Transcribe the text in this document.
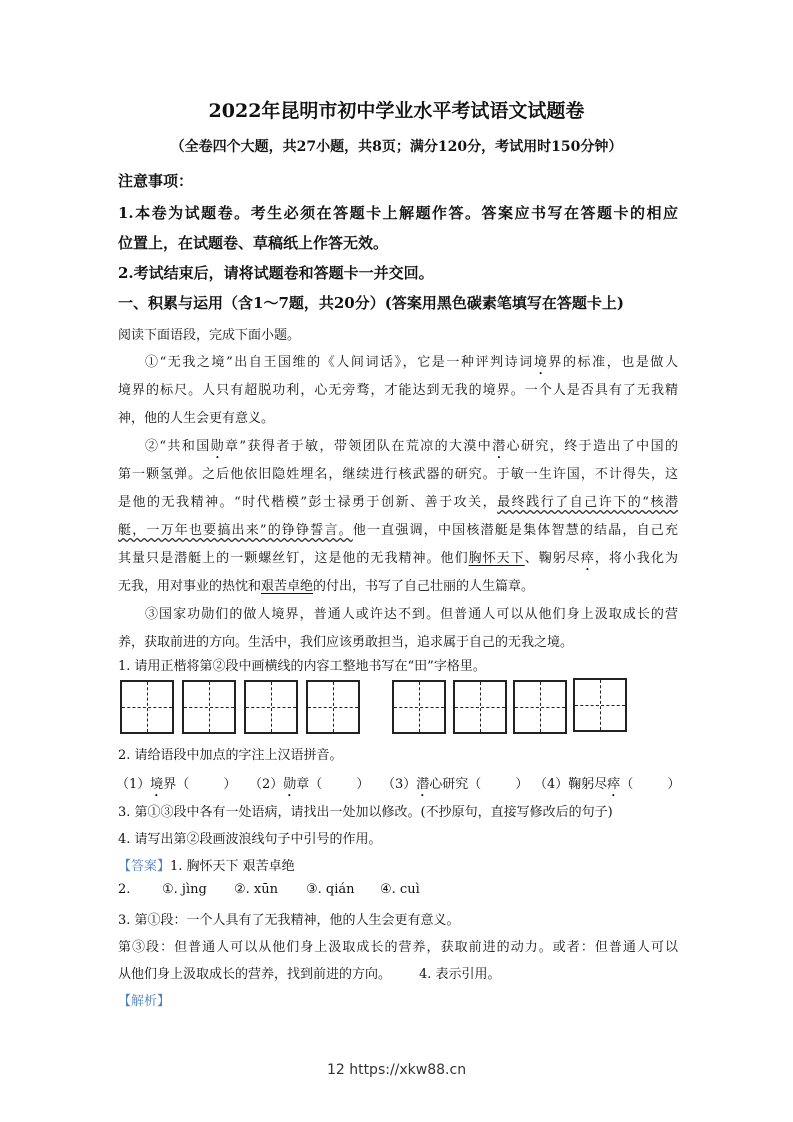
2022年昆明市初中学业水平考试语文试题卷
（全卷四个大题，共27小题，共8页；满分120分，考试用时150分钟）
注意事项：
1.本卷为试题卷。考生必须在答题卡上解题作答。答案应书写在答题卡的相应
位置上，在试题卷、草稿纸上作答无效。
2.考试结束后，请将试题卷和答题卡一并交回。
一、积累与运用（含1～7题，共20分）(答案用黑色碳素笔填写在答题卡上)
阅读下面语段，完成下面小题。
①“无我之境”出自王国维的《人间词话》，它是一种评判诗词境界的标准，也是做人
境界的标尺。人只有超脱功利，心无旁骛，才能达到无我的境界。一个人是否具有了无我精
神，他的人生会更有意义。
②“共和国勋章”获得者于敏，带领团队在荒凉的大漠中潜心研究，终于造出了中国的
第一颗氢弹。之后他依旧隐姓埋名，继续进行核武器的研究。于敏一生许国，不计得失，这
是他的无我精神。“时代楷模”彭士禄勇于创新、善于攻关，最终践行了自己许下的“核潜
艇，一万年也要搞出来”的铮铮誓言。他一直强调，中国核潜艇是集体智慧的结晶，自己充
其量只是潜艇上的一颗螺丝钉，这是他的无我精神。他们胸怀天下、鞠躬尽瘁，将小我化为
无我，用对事业的热忱和艰苦卓绝的付出，书写了自己壮丽的人生篇章。
③国家功勋们的做人境界，普通人或许达不到。但普通人可以从他们身上汲取成长的营
养，获取前进的方向。生活中，我们应该勇敢担当，追求属于自己的无我之境。
1. 请用正楷将第②段中画横线的内容工整地书写在“田”字格里。
2. 请给语段中加点的字注上汉语拼音。
（1）境界（	） （2）勋章（	） （3）潜心研究（	） （4）鞠躬尽瘁（	）
3. 第①③段中各有一处语病，请找出一处加以修改。(不抄原句，直接写修改后的句子)
4. 请写出第②段画波浪线句子中引号的作用。
【答案】1. 胸怀天下 艰苦卓绝
2. ①. jìng ②. xūn ③. qián ④. cuì
3. 第①段：一个人具有了无我精神，他的人生会更有意义。
第③段：但普通人可以从他们身上汲取成长的营养，获取前进的动力。或者：但普通人可以
从他们身上汲取成长的营养，找到前进的方向。 4. 表示引用。
【解析】
12 https://xkw88.cn
